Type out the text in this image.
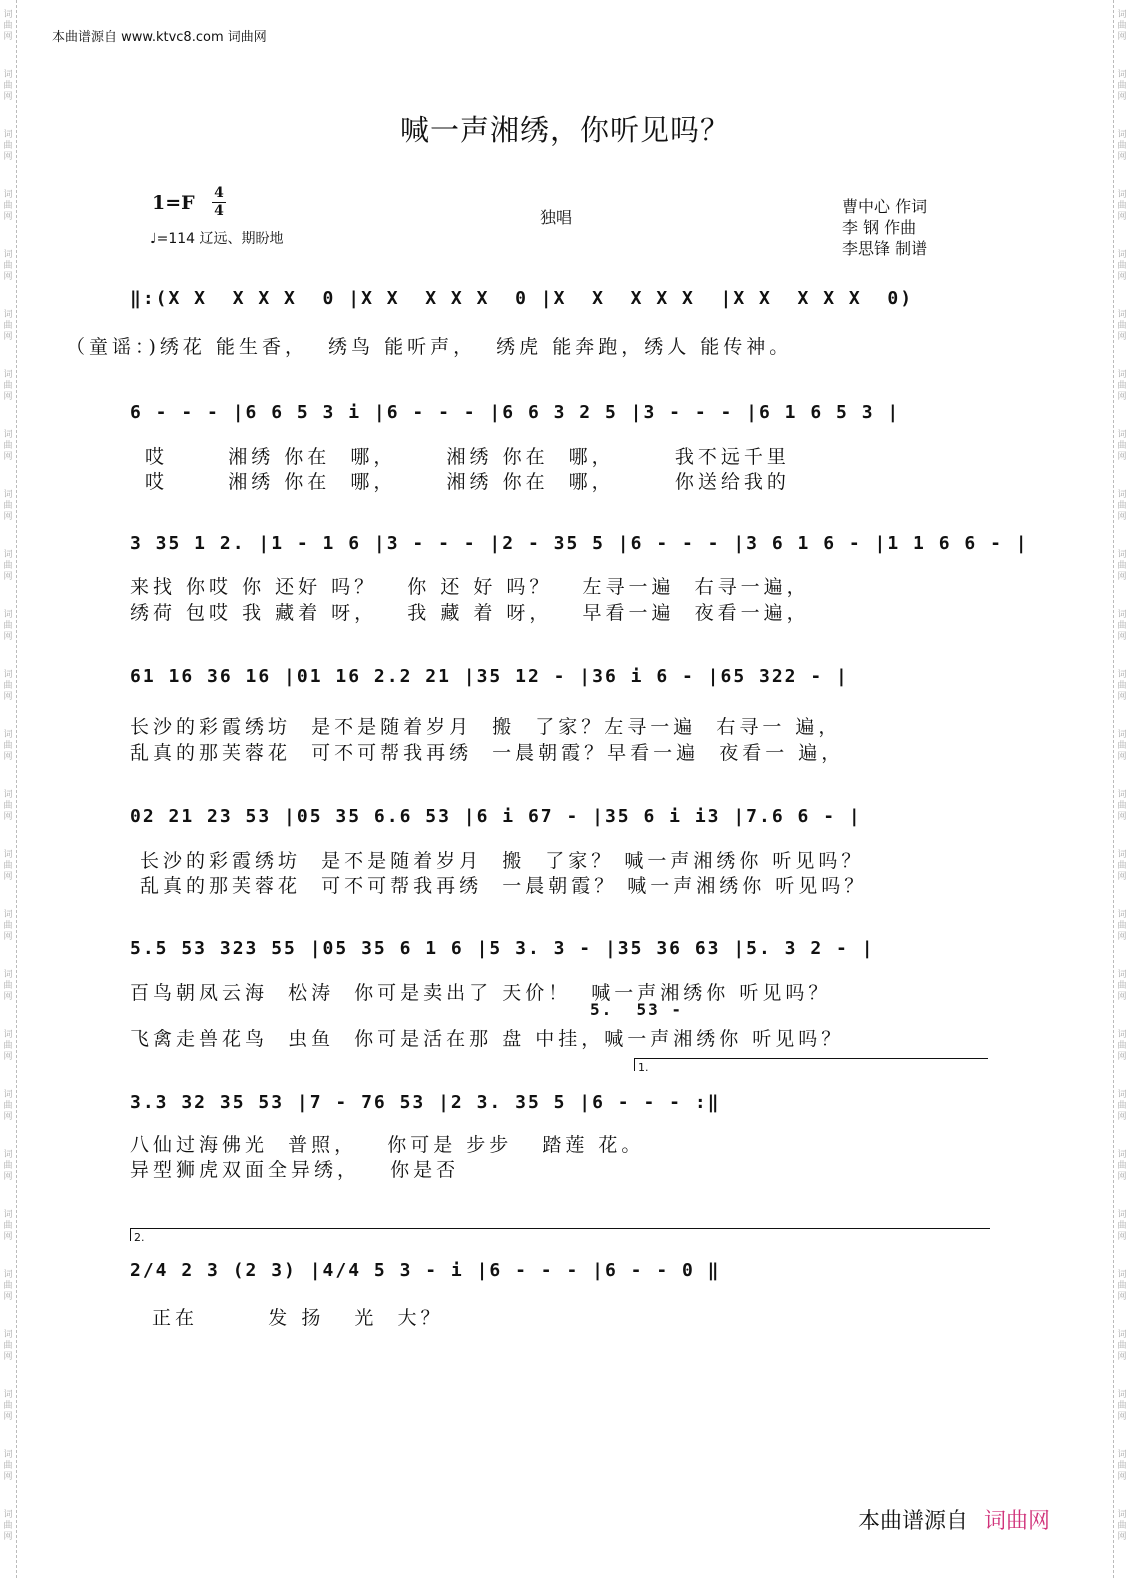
词
曲
网
词
曲
网
词
曲
网
词
曲
网
词
曲
网
词
曲
网
词
曲
网
词
曲
网
词
曲
网
词
曲
网
词
曲
网
词
曲
网
词
曲
网
词
曲
网
词
曲
网
词
曲
网
词
曲
网
词
曲
网
词
曲
网
词
曲
网
词
曲
网
词
曲
网
词
曲
网
词
曲
网
词
曲
网
词
曲
网
词
曲
网
词
曲
网
词
曲
网
词
曲
网
词
曲
网
词
曲
网
词
曲
网
词
曲
网
词
曲
网
词
曲
网
词
曲
网
词
曲
网
词
曲
网
词
曲
网
词
曲
网
词
曲
网
词
曲
网
词
曲
网
词
曲
网
词
曲
网
词
曲
网
词
曲
网
词
曲
网
词
曲
网
词
曲
网
词
曲
网
本曲谱源自 www.ktvc8.com 词曲网
喊一声湘绣，你听见吗？
1=F 4
4
♩=114 辽远、期盼地
独唱
曹中心 作词
李 钢 作曲
李思锋 制谱
‖:(X X  X X X  0 |X X  X X X  0 |X  X  X X X  |X X  X X X  0)
（童谣：)绣花 能生香，  绣鸟 能听声，  绣虎 能奔跑，绣人 能传神。
6 - - - |6 6 5 3 i |6 - - - |6 6 3 2 5 |3 - - - |6 1 6 5 3 |
哎      湘绣 你在  哪，     湘绣 你在  哪，      我不远千里
哎      湘绣 你在  哪，     湘绣 你在  哪，      你送给我的
3 35 1 2. |1 - 1 6 |3 - - - |2 - 35 5 |6 - - - |3 6 1 6 - |1 1 6 6 - |
来找 你哎 你 还好 吗？   你 还 好 吗？   左寻一遍  右寻一遍，
绣荷 包哎 我 藏着 呀，   我 藏 着 呀，   早看一遍  夜看一遍，
61 16 36 16 |01 16 2.2 21 |35 12 - |36 i 6 - |65 322 - |
长沙的彩霞绣坊  是不是随着岁月  搬  了家？左寻一遍  右寻一 遍，
乱真的那芙蓉花  可不可帮我再绣  一晨朝霞？早看一遍  夜看一 遍，
02 21 23 53 |05 35 6.6 53 |6 i 67 - |35 6 i i3 |7.6 6 - |
长沙的彩霞绣坊  是不是随着岁月  搬  了家？ 喊一声湘绣你 听见吗？
乱真的那芙蓉花  可不可帮我再绣  一晨朝霞？ 喊一声湘绣你 听见吗？
5.5 53 323 55 |05 35 6 1 6 |5 3. 3 - |35 36 63 |5. 3 2 - |
百鸟朝凤云海  松涛  你可是卖出了 天价！  喊一声湘绣你 听见吗？
5.  53 -
飞禽走兽花鸟  虫鱼  你可是活在那 盘 中挂，喊一声湘绣你 听见吗？
1.
3.3 32 35 53 |7 - 76 53 |2 3. 35 5 |6 - - - :‖
八仙过海佛光  普照，   你可是 步步   踏莲 花。
异型狮虎双面全异绣，   你是否
2.
2/4 2 3 (2 3) |4/4 5 3 - i |6 - - - |6 - - 0 ‖
正在       发 扬   光  大？
本曲谱源自 词曲网
